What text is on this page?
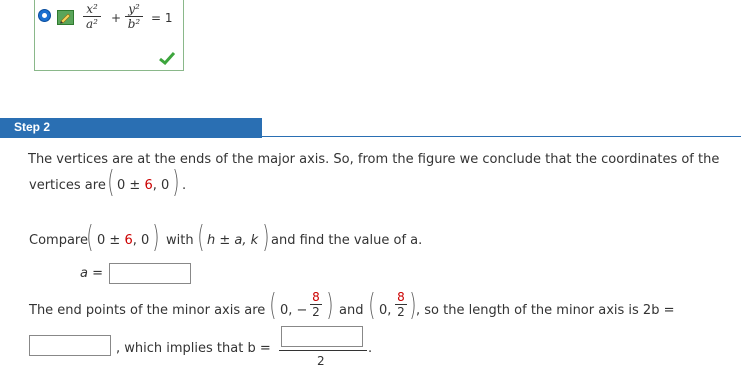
x²
a² +
y²
b² = 1
Step 2
The vertices are at the ends of the major axis. So, from the figure we conclude that the coordinates of the
vertices are ( 0 ± 6, 0 ) .
Compare
( 0 ± 6, 0 ) with ( h ± a, k ) and find the value of a.
a =
The end points of the minor axis are ( 0, −
8
2 ) and ( 0,
8
2 ) , so the length of the minor axis is 2b =
, which implies that b =
2
.
